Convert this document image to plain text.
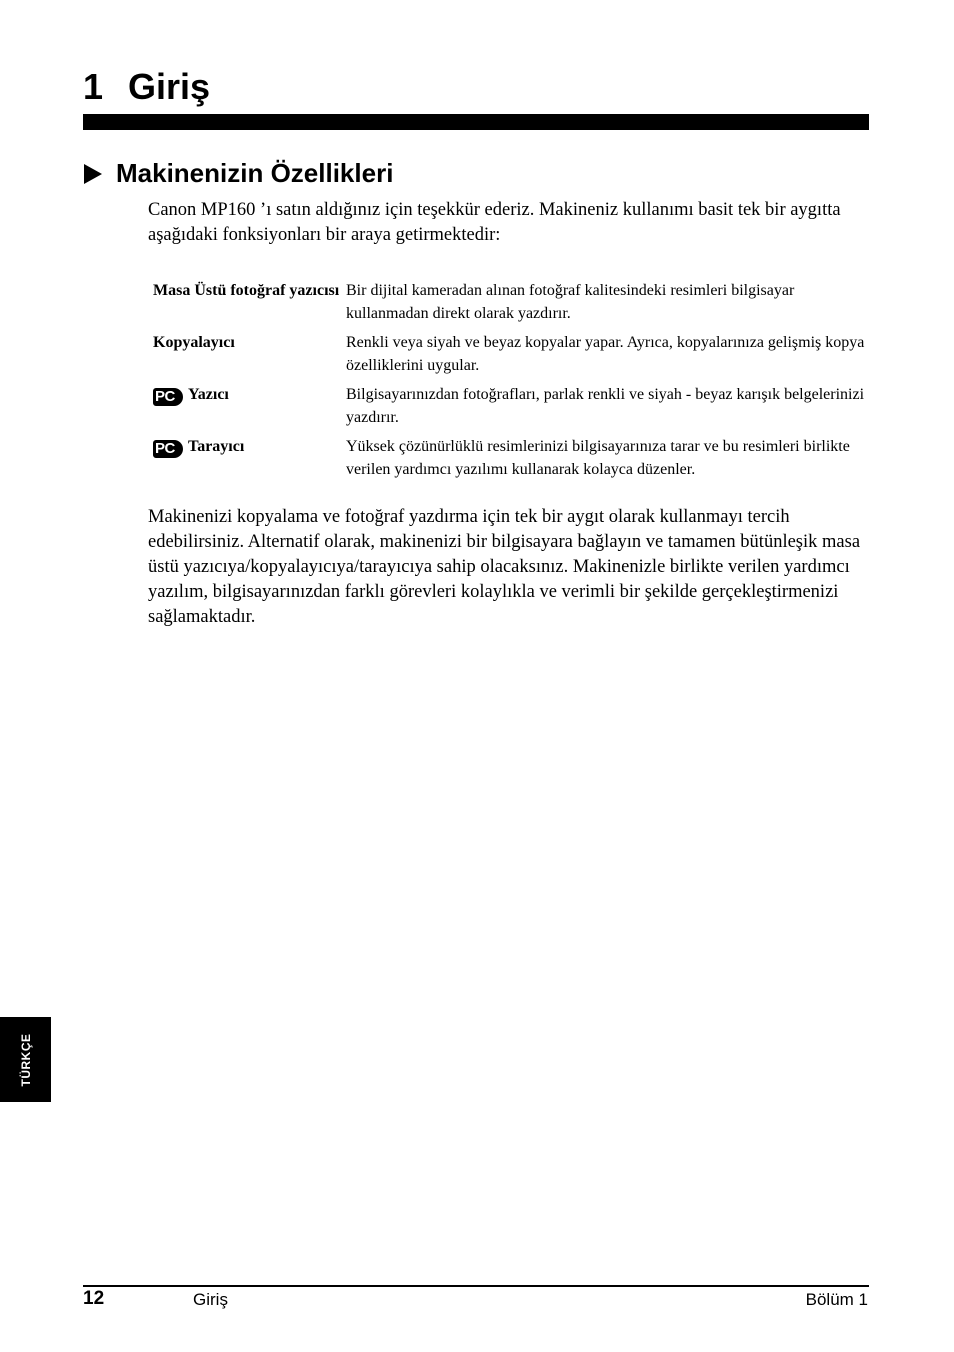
1 Giriş
Makinenizin Özellikleri

Canon MP160 ’ı satın aldığınız için teşekkür ederiz. Makineniz kullanımı basit tek bir aygıtta aşağıdaki fonksiyonları bir araya getirmektedir:

Masa Üstü fotoğraf yazıcısı	Bir dijital kameradan alınan fotoğraf kalitesindeki resimleri bilgisayar kullanmadan direkt olarak yazdırır.
Kopyalayıcı	Renkli veya siyah ve beyaz kopyalar yapar. Ayrıca, kopyalarınıza gelişmiş kopya özelliklerini uygular.
PC Yazıcı	Bilgisayarınızdan fotoğrafları, parlak renkli ve siyah - beyaz karışık belgelerinizi yazdırır.
PC Tarayıcı	Yüksek çözünürlüklü resimlerinizi bilgisayarınıza tarar ve bu resimleri birlikte verilen yardımcı yazılımı kullanarak kolayca düzenler.

Makinenizi kopyalama ve fotoğraf yazdırma için tek bir aygıt olarak kullanmayı tercih edebilirsiniz. Alternatif olarak, makinenizi bir bilgisayara bağlayın ve tamamen bütünleşik masa üstü yazıcıya/kopyalayıcıya/tarayıcıya sahip olacaksınız. Makinenizle birlikte verilen yardımcı yazılım, bilgisayarınızdan farklı görevleri kolaylıkla ve verimli bir şekilde gerçekleştirmenizi sağlamaktadır.

TÜRKÇE
12	Giriş	Bölüm 1
